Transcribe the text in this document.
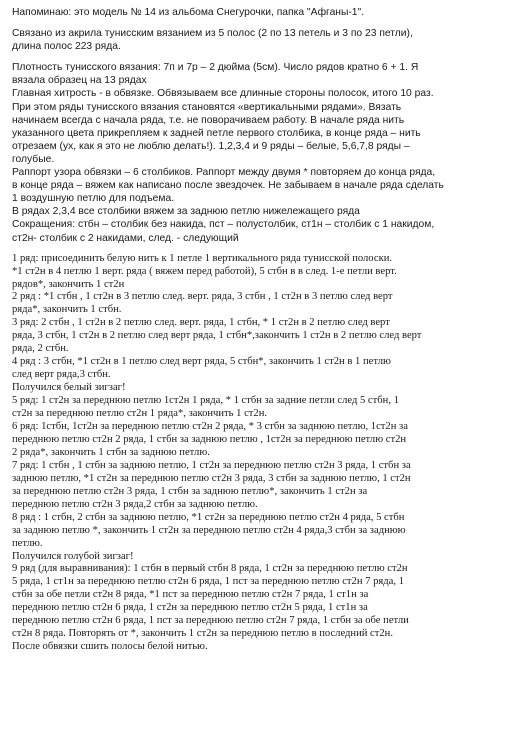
Напоминаю: это модель № 14 из альбома Снегурочки, папка "Афганы-1".

Связано из акрила тунисским вязанием из 5 полос (2 по 13 петель и 3 по 23 петли),
длина полос 223 ряда.

Плотность тунисского вязания: 7п и 7р – 2 дюйма (5см). Число рядов кратно 6 + 1. Я
вязала образец на 13 рядах

Главная хитрость - в обвязке. Обвязываем все длинные стороны полосок, итого 10 раз.
При этом ряды тунисского вязания становятся «вертикальными рядами». Вязать
начинаем всегда с начала ряда, т.е. не поворачиваем работу. В начале ряда нить
указанного цвета прикрепляем к задней петле первого столбика, в конце ряда – нить
отрезаем (ух, как я это не люблю делать!). 1,2,3,4 и 9 ряды – белые, 5,6,7,8 ряды –
голубые.
Раппорт узора обвязки – 6 столбиков. Раппорт между двумя * повторяем до конца ряда,
в конце ряда – вяжем как написано после звездочек. Не забываем в начале ряда сделать
1 воздушную петлю для подъема.
В рядах 2,3,4 все столбики вяжем за заднюю петлю нижележащего ряда
Сокращения: стбн – столбик без накида, пст – полустолбик, ст1н – столбик с 1 накидом,
ст2н- столбик с 2 накидами, след. - следующий
1 ряд: присоединить белую нить к 1 петле 1 вертикального ряда тунисской полоски.
*1 ст2н в 4 петлю 1 верт. ряда ( вяжем перед работой), 5 стбн в в след. 1-е петли верт.
рядов*, закончить 1 ст2н
2 ряд : *1 стбн , 1 ст2н в 3 петлю след. верт. ряда, 3 стбн , 1 ст2н в 3 петлю след верт
ряда*, закончить 1 стбн.
3 ряд: 2 стбн , 1 ст2н в 2 петлю след. верт. ряда, 1 стбн, * 1 ст2н в 2 петлю след верт
ряда, 3 стбн, 1 ст2н в 2 петлю след верт ряда, 1 стбн*,закончить 1 ст2н в 2 петлю след верт
ряда, 2 стбн.
4 ряд : 3 стбн, *1 ст2н в 1 петлю след верт ряда, 5 стбн*, закончить 1 ст2н в 1 петлю
след верт ряда,3 стбн.
Получился белый зигзаг!
5 ряд: 1 ст2н за переднюю петлю 1ст2н 1 ряда, * 1 стбн за задние петли след 5 стбн, 1
ст2н за переднюю петлю ст2н 1 ряда*, закончить 1 ст2н.
6 ряд: 1стбн, 1ст2н за переднюю петлю ст2н 2 ряда, * 3 стбн за заднюю петлю, 1ст2н за
переднюю петлю ст2н 2 ряда, 1 стбн за заднюю петлю , 1ст2н за переднюю петлю ст2н
2 ряда*, закончить 1 стбн за заднюю петлю.
7 ряд: 1 стбн , 1 стбн за заднюю петлю, 1 ст2н за переднюю петлю ст2н 3 ряда, 1 стбн за
заднюю петлю, *1 ст2н за переднюю петлю ст2н 3 ряда, 3 стбн за заднюю петлю, 1 ст2н
за переднюю петлю ст2н 3 ряда, 1 стбн за заднюю петлю*, закончить 1 ст2н за
переднюю петлю ст2н 3 ряда,2 стбн за заднюю петлю.
8 ряд : 1 стбн, 2 стбн за заднюю петлю, *1 ст2н за переднюю петлю ст2н 4 ряда, 5 стбн
за заднюю петлю *, закончить 1 ст2н за переднюю петлю ст2н 4 ряда,3 стбн за заднюю
петлю.
Получился голубой зигзаг!
9 ряд (для выравнивания): 1 стбн в первый стбн 8 ряда, 1 ст2н за переднюю петлю ст2н
5 ряда, 1 ст1н за переднюю петлю ст2н 6 ряда, 1 пст за переднюю петлю ст2н 7 ряда, 1
стбн за обе петли ст2н 8 ряда, *1 пст за переднюю петлю ст2н 7 ряда, 1 ст1н за
переднюю петлю ст2н 6 ряда, 1 ст2н за переднюю петлю ст2н 5 ряда, 1 ст1н за
переднюю петлю ст2н 6 ряда, 1 пст за переднюю петлю ст2н 7 ряда, 1 стбн за обе петли
ст2н 8 ряда. Повторять от *, закончить 1 ст2н за переднюю петлю в последний ст2н.
После обвязки сшить полосы белой нитью.
